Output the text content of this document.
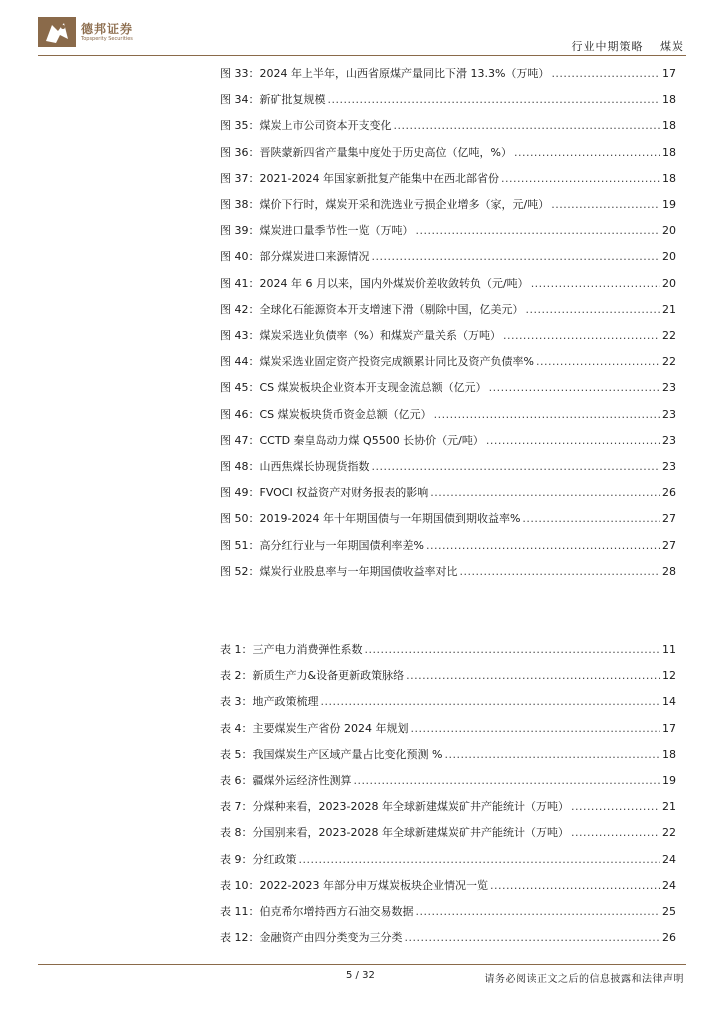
德邦证券
Topsperity Securities
行业中期策略 煤炭
图 33：2024 年上半年，山西省原煤产量同比下滑 13.3%（万吨） .....	17
图 34：新矿批复规模 .....	18
图 35：煤炭上市公司资本开支变化 .....	18
图 36：晋陕蒙新四省产量集中度处于历史高位（亿吨，%） .....	18
图 37：2021-2024 年国家新批复产能集中在西北部省份 .....	18
图 38：煤价下行时，煤炭开采和洗选业亏损企业增多（家，元/吨） .....	19
图 39：煤炭进口量季节性一览（万吨） .....	20
图 40：部分煤炭进口来源情况 .....	20
图 41：2024 年 6 月以来，国内外煤炭价差收敛转负（元/吨） .....	20
图 42：全球化石能源资本开支增速下滑（剔除中国，亿美元） .....	21
图 43：煤炭采选业负债率（%）和煤炭产量关系（万吨） .....	22
图 44：煤炭采选业固定资产投资完成额累计同比及资产负债率% .....	22
图 45：CS 煤炭板块企业资本开支现金流总额（亿元） .....	23
图 46：CS 煤炭板块货币资金总额（亿元） .....	23
图 47：CCTD 秦皇岛动力煤 Q5500 长协价（元/吨） .....	23
图 48：山西焦煤长协现货指数 .....	23
图 49：FVOCI 权益资产对财务报表的影响 .....	26
图 50：2019-2024 年十年期国债与一年期国债到期收益率% .....	27
图 51：高分红行业与一年期国债利率差% .....	27
图 52：煤炭行业股息率与一年期国债收益率对比 .....	28
表 1：三产电力消费弹性系数 .....	11
表 2：新质生产力&设备更新政策脉络 .....	12
表 3：地产政策梳理 .....	14
表 4：主要煤炭生产省份 2024 年规划 .....	17
表 5：我国煤炭生产区域产量占比变化预测 % .....	18
表 6：疆煤外运经济性测算 .....	19
表 7：分煤种来看，2023-2028 年全球新建煤炭矿井产能统计（万吨） .....	21
表 8：分国别来看，2023-2028 年全球新建煤炭矿井产能统计（万吨） .....	22
表 9：分红政策 .....	24
表 10：2022-2023 年部分申万煤炭板块企业情况一览 .....	24
表 11：伯克希尔增持西方石油交易数据 .....	25
表 12：金融资产由四分类变为三分类 .....	26
5 / 32	请务必阅读正文之后的信息披露和法律声明
